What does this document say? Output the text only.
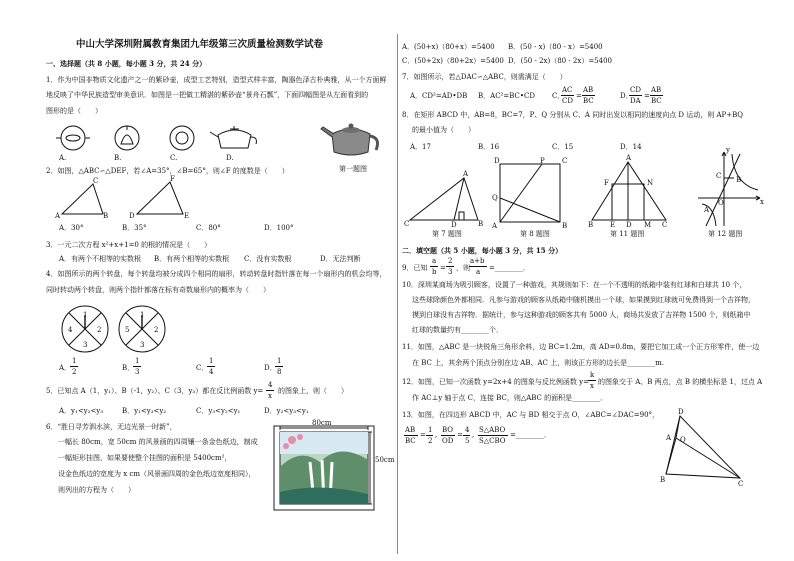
中山大学深圳附属教育集团九年级第三次质量检测数学试卷
一、选择题（共 8 小题，每小题 3 分，共 24 分）
1．作为中国非物质文化遗产之一的紫砂壶，成型工艺特别，造型式样丰富，陶器色泽古朴典雅，从一个方面鲜
地反映了中华民族造型审美意识．如图是一把做工精湛的紫砂壶“景舟石瓢”，下面四幅图是从左面看到的
图形的是（　　）
A.	B.	C.	D.
第一题图
2．如图，△ABC∽△DEF，若∠A=35°，∠B=65°，则∠F 的度数是（　　）
A	B
C
D	E
F
A．30°	B．35°	C．80°	D．100°
3．一元二次方程 x²+x+1=0 的根的情况是（　　）
A．有两个不相等的实数根 B．有两个相等的实数根 C．没有实数根	D．无法判断
4．如图所示的两个转盘，每个转盘均被分成四个相同的扇形，转动转盘时指针落在每一个扇形内的机会均等，
同时转动两个转盘，则两个指针都落在标有奇数扇形内的概率为（　　）
1
4	2
3
1
5	2
3
A．
1
2	B．
1
3	C．
1
4	D．
1
8
5．已知点 A（1，y₁）、B（-1，y₂）、C（3，y₃）都在反比例函数 y=
4
x
的图象上，则（　　）
A．y₁<y₂<y₃	B．y₁<y₃<y₂	C．y₃<y₂<y₁	D．y₂<y₃<y₁
6．“胜日寻芳泗水滨，无边光景一时新”，
一幅长 80cm，宽 50cm 的风景画的四周镶一条金色纸边，制成
一幅矩形挂图，如果要使整个挂图的面积是 5400cm²，
设金色纸边的宽度为 x cm（风景画四周的金色纸边宽度相同），
则列出的方程为（　　）
80cm
50cm
A．(50+x)（80+x）=5400 B．(50 - x)（80 - x）=5400
C．(50+2x)（80+2x）=5400 D．(50 - 2x)（80 - 2x）=5400
7．如图所示，若△DAC∽△ABC，则需满足（　　）
A．CD²=AD•DB B．AC²=BC•CD C．
AC
CD
=
AB
BC
D．
CD
DA
=
AB
BC
8．在矩形 ABCD 中，AB=8，BC=7，P、Q 分别从 C、A 同时出发以相同的速度向点 D 运动，则 AP+BQ
的最小值为（　　）
A．17	B．16	C．15	D．14
C	D	B
A
D	P C
Q
A	B	B E D M C
A
F	N
y
x
O
C B
A
第 7 题图	第 8 题图	第 11 题图	第 12 题图
二．填空题（共 5 小题，每小题 3 分，共 15 分）
9．已知
a
b =
2
3 ，则
a+b
a =________．
10．深圳某商场为吸引顾客，设置了一种游戏，其规则如下：在一个不透明的纸箱中装有红球和白球共 10 个，
这些球除颜色外都相同．凡参与游戏的顾客从纸箱中随机摸出一个球，如果摸到红球就可免费得到一个吉祥物，
摸到白球没有吉祥物．据统计，参与这种游戏的顾客共有 5000 人，商场共发放了吉祥物 1500 个，则纸箱中
红球的数量约有________个．
11．如图，△ABC 是一块锐角三角形余料，边 BC=1.2m，高 AD=0.8m，要把它加工成一个正方形零件，使一边
在 BC 上，其余两个顶点分别在边 AB、AC 上，则该正方形的边长是________m.
12．如图，已知一次函数 y=2x+4 的图象与反比例函数 y=
k
x 的图象交于 A、B 两点，点 B 的横坐标是 1，过点 A
作 AC⊥y 轴于点 C，连接 BC，则△ABC 的面积是________．
13．如图，在四边形 ABCD 中，AC 与 BD 相交于点 O，∠ABC=∠DAC=90°，
AB
BC
=
1
2
,
BO
OD
=
4
5
,
S△ABO
S△CBO
=________．
D
A O
B	C
